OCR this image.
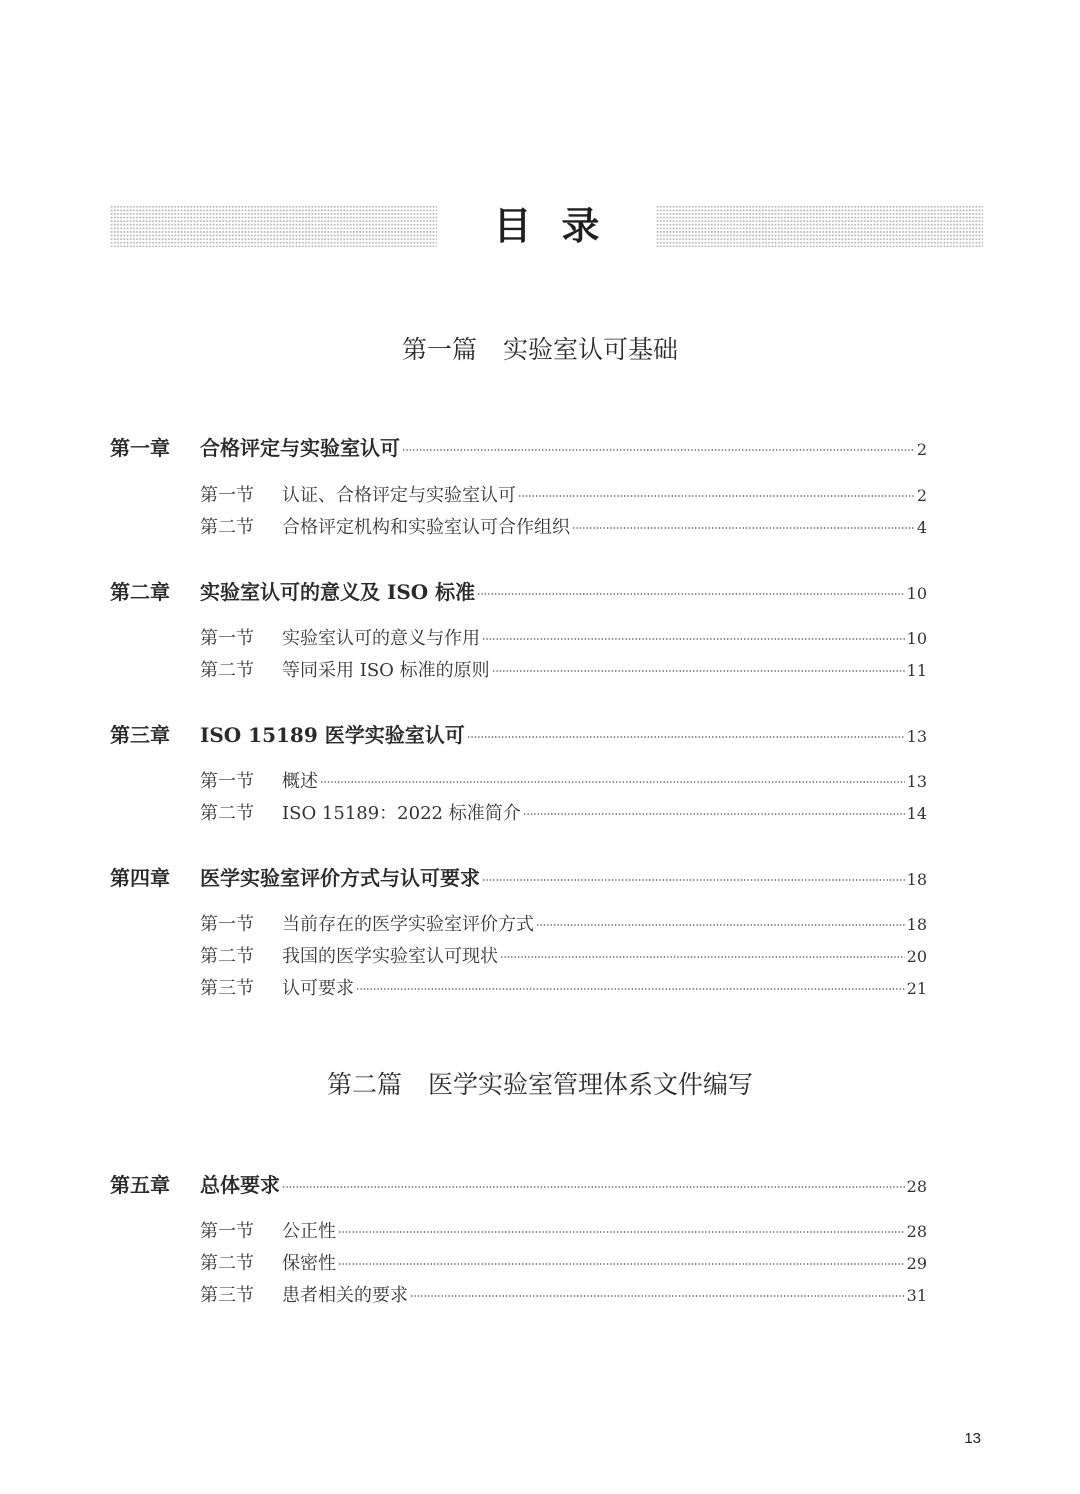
目录
第一篇 实验室认可基础
第一章	合格评定与实验室认可	2
第一节	认证、合格评定与实验室认可	2
第二节	合格评定机构和实验室认可合作组织	4
第二章	实验室认可的意义及 ISO 标准	10
第一节	实验室认可的意义与作用	10
第二节	等同采用 ISO 标准的原则	11
第三章	ISO 15189 医学实验室认可	13
第一节	概述	13
第二节	ISO 15189：2022 标准简介	14
第四章	医学实验室评价方式与认可要求	18
第一节	当前存在的医学实验室评价方式	18
第二节	我国的医学实验室认可现状	20
第三节	认可要求	21
第二篇 医学实验室管理体系文件编写
第五章	总体要求	28
第一节	公正性	28
第二节	保密性	29
第三节	患者相关的要求	31
13
